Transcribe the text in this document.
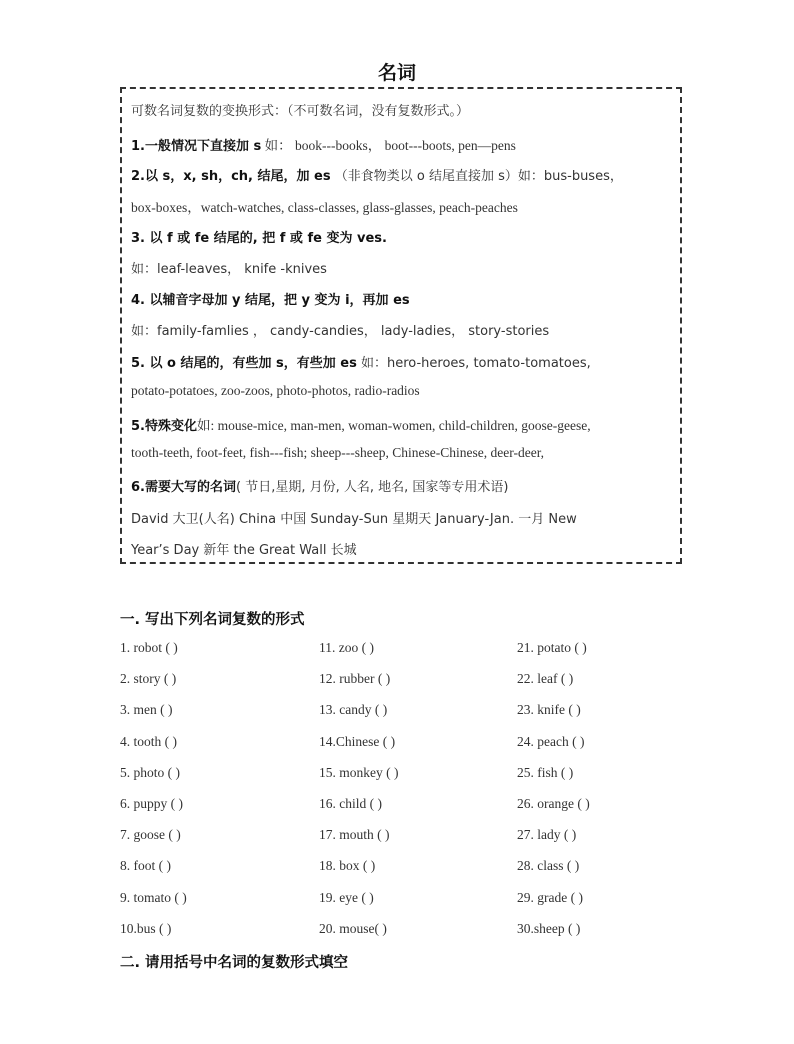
名词
可数名词复数的变换形式：（不可数名词，没有复数形式。）
1.一般情况下直接加 s 如： book---books， boot---boots, pen—pens
2.以 s，x, sh，ch, 结尾，加 es （非食物类以 o 结尾直接加 s）如：bus-buses，
box-boxes，watch-watches, class-classes, glass-glasses, peach-peaches
3. 以 f 或 fe 结尾的, 把 f 或 fe 变为 ves.
如：leaf-leaves， knife -knives
4. 以辅音字母加 y 结尾，把 y 变为 i，再加 es
如：family-famlies ， candy-candies， lady-ladies， story-stories
5. 以 o 结尾的，有些加 s，有些加 es 如：hero-heroes, tomato-tomatoes,
potato-potatoes, zoo-zoos, photo-photos, radio-radios
5.特殊变化如: mouse-mice, man-men, woman-women, child-children, goose-geese,
tooth-teeth, foot-feet, fish---fish; sheep---sheep, Chinese-Chinese, deer-deer,
6.需要大写的名词( 节日,星期, 月份, 人名, 地名, 国家等专用术语)
David 大卫(人名) China 中国 Sunday-Sun 星期天 January-Jan. 一月 New
Year’s Day 新年 the Great Wall 长城
一. 写出下列名词复数的形式
1. robot ( )
2. story ( )
3. men ( )
4. tooth ( )
5. photo ( )
6. puppy ( )
7. goose ( )
8. foot ( )
9. tomato ( )
10.bus ( )
11. zoo ( )
12. rubber ( )
13. candy ( )
14.Chinese ( )
15. monkey ( )
16. child ( )
17. mouth ( )
18. box ( )
19. eye ( )
20. mouse( )
21. potato ( )
22. leaf ( )
23. knife ( )
24. peach ( )
25. fish ( )
26. orange ( )
27. lady ( )
28. class ( )
29. grade ( )
30.sheep ( )
二. 请用括号中名词的复数形式填空
